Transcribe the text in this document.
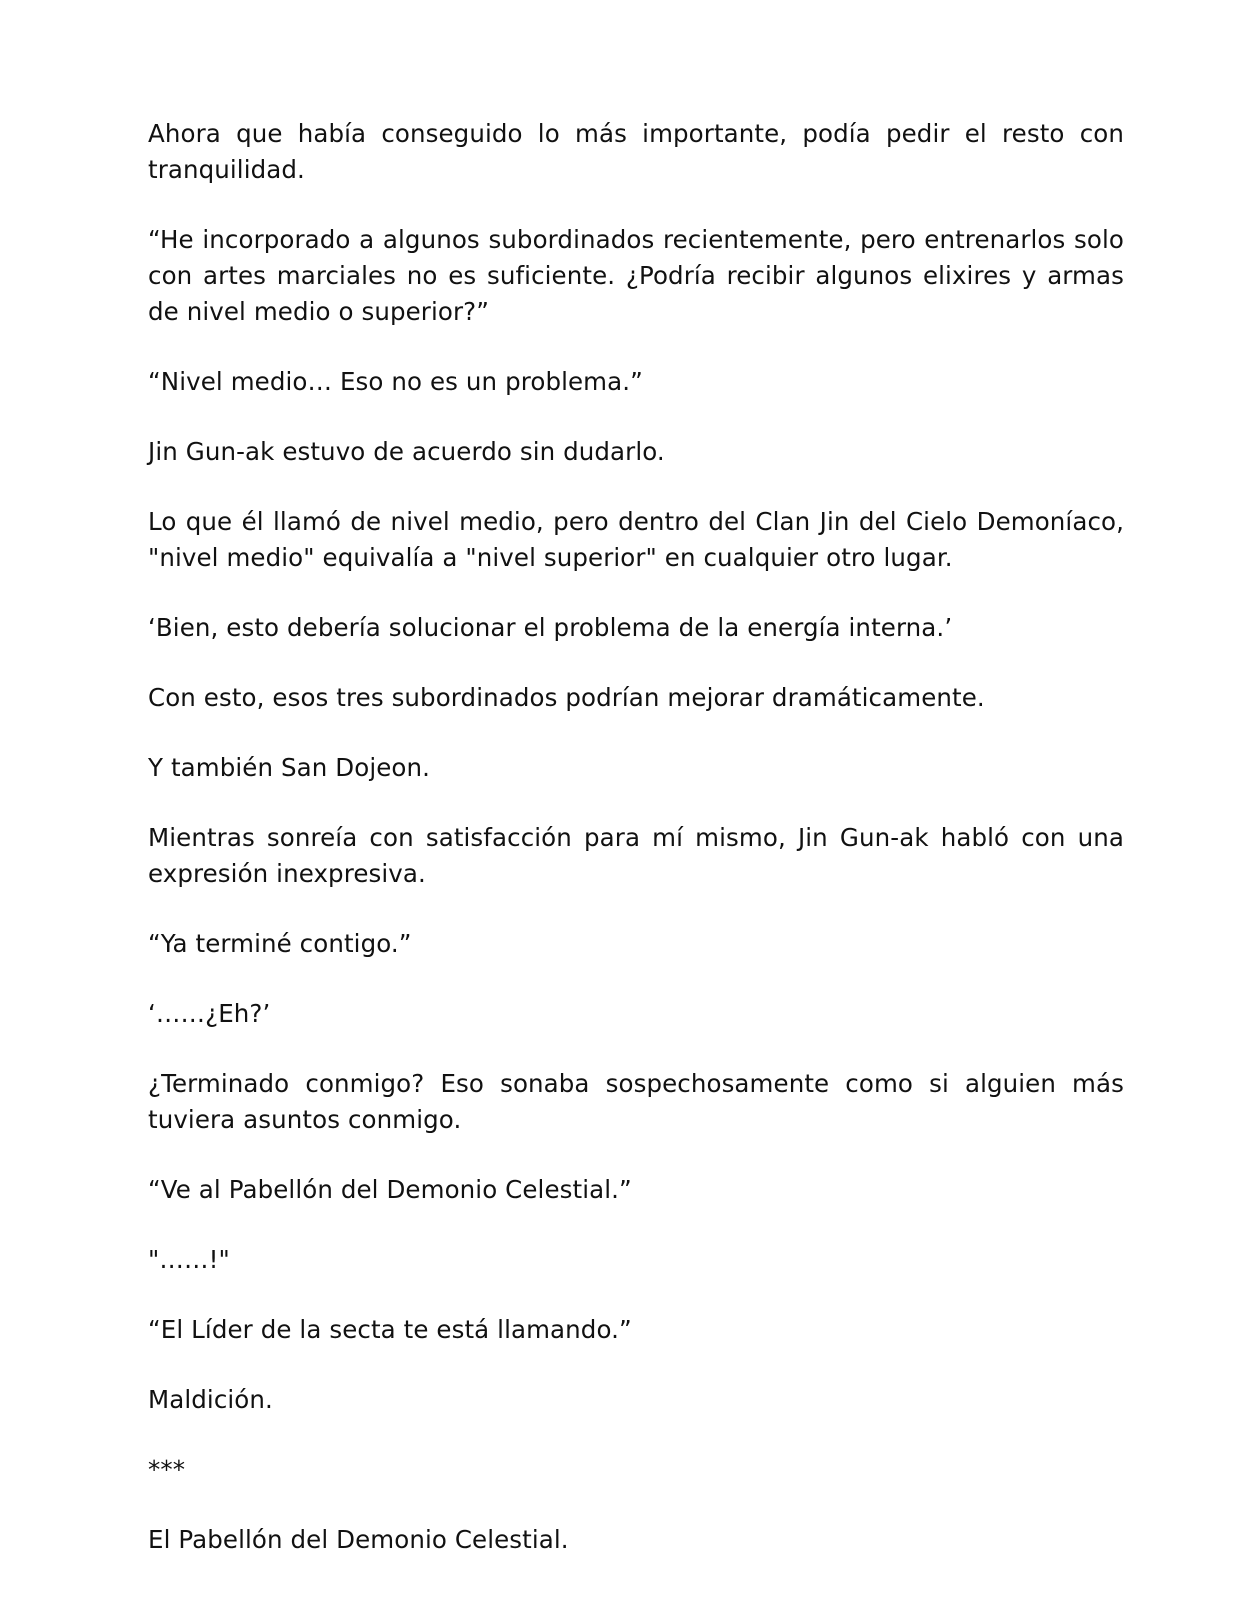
Ahora que había conseguido lo más importante, podía pedir el resto con tranquilidad.

“He incorporado a algunos subordinados recientemente, pero entrenarlos solo con artes marciales no es suficiente. ¿Podría recibir algunos elixires y armas de nivel medio o superior?”

“Nivel medio… Eso no es un problema.”

Jin Gun-ak estuvo de acuerdo sin dudarlo.

Lo que él llamó de nivel medio, pero dentro del Clan Jin del Cielo Demoníaco, "nivel medio" equivalía a "nivel superior" en cualquier otro lugar.

‘Bien, esto debería solucionar el problema de la energía interna.’

Con esto, esos tres subordinados podrían mejorar dramáticamente.

Y también San Dojeon.

Mientras sonreía con satisfacción para mí mismo, Jin Gun-ak habló con una expresión inexpresiva.

“Ya terminé contigo.”

‘……¿Eh?’

¿Terminado conmigo? Eso sonaba sospechosamente como si alguien más tuviera asuntos conmigo.

“Ve al Pabellón del Demonio Celestial.”

"……!"

“El Líder de la secta te está llamando.”

Maldición.

***

El Pabellón del Demonio Celestial.
